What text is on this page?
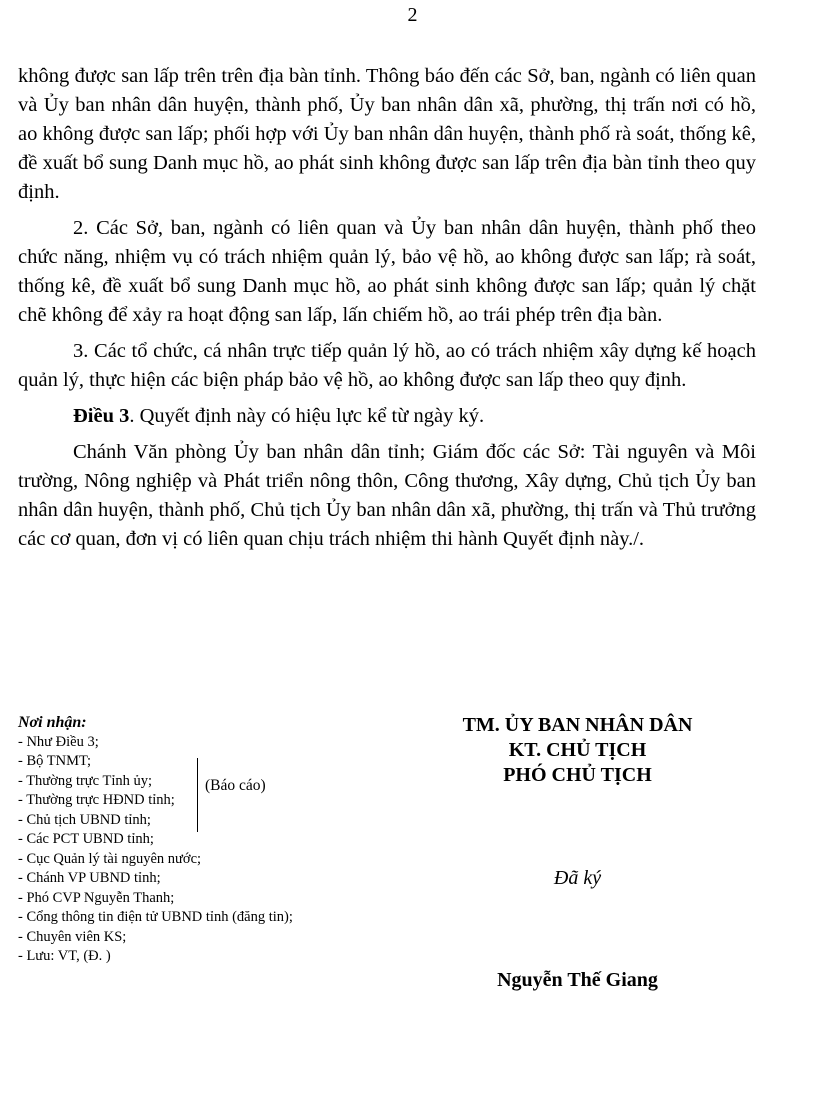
2

không được san lấp trên trên địa bàn tỉnh. Thông báo đến các Sở, ban, ngành có liên quan và Ủy ban nhân dân huyện, thành phố, Ủy ban nhân dân xã, phường, thị trấn nơi có hồ, ao không được san lấp; phối hợp với Ủy ban nhân dân huyện, thành phố rà soát, thống kê, đề xuất bổ sung Danh mục hồ, ao phát sinh không được san lấp trên địa bàn tỉnh theo quy định.

2. Các Sở, ban, ngành có liên quan và Ủy ban nhân dân huyện, thành phố theo chức năng, nhiệm vụ có trách nhiệm quản lý, bảo vệ hồ, ao không được san lấp; rà soát, thống kê, đề xuất bổ sung Danh mục hồ, ao phát sinh không được san lấp; quản lý chặt chẽ không để xảy ra hoạt động san lấp, lấn chiếm hồ, ao trái phép trên địa bàn.

3. Các tổ chức, cá nhân trực tiếp quản lý hồ, ao có trách nhiệm xây dựng kế hoạch quản lý, thực hiện các biện pháp bảo vệ hồ, ao không được san lấp theo quy định.

Điều 3. Quyết định này có hiệu lực kể từ ngày ký.

Chánh Văn phòng Ủy ban nhân dân tỉnh; Giám đốc các Sở: Tài nguyên và Môi trường, Nông nghiệp và Phát triển nông thôn, Công thương, Xây dựng, Chủ tịch Ủy ban nhân dân huyện, thành phố, Chủ tịch Ủy ban nhân dân xã, phường, thị trấn và Thủ trưởng các cơ quan, đơn vị có liên quan chịu trách nhiệm thi hành Quyết định này./.

Nơi nhận:
- Như Điều 3;
- Bộ TNMT;
- Thường trực Tỉnh ủy;
- Thường trực HĐND tỉnh;
- Chủ tịch UBND tỉnh;
- Các PCT UBND tỉnh;
- Cục Quản lý tài nguyên nước;
- Chánh VP UBND tỉnh;
- Phó CVP Nguyễn Thanh;
- Cổng thông tin điện tử UBND tỉnh (đăng tin);
- Chuyên viên KS;
- Lưu: VT, (Đ. )
(Báo cáo)
TM. ỦY BAN NHÂN DÂN
KT. CHỦ TỊCH
PHÓ CHỦ TỊCH
Đã ký
Nguyễn Thế Giang
